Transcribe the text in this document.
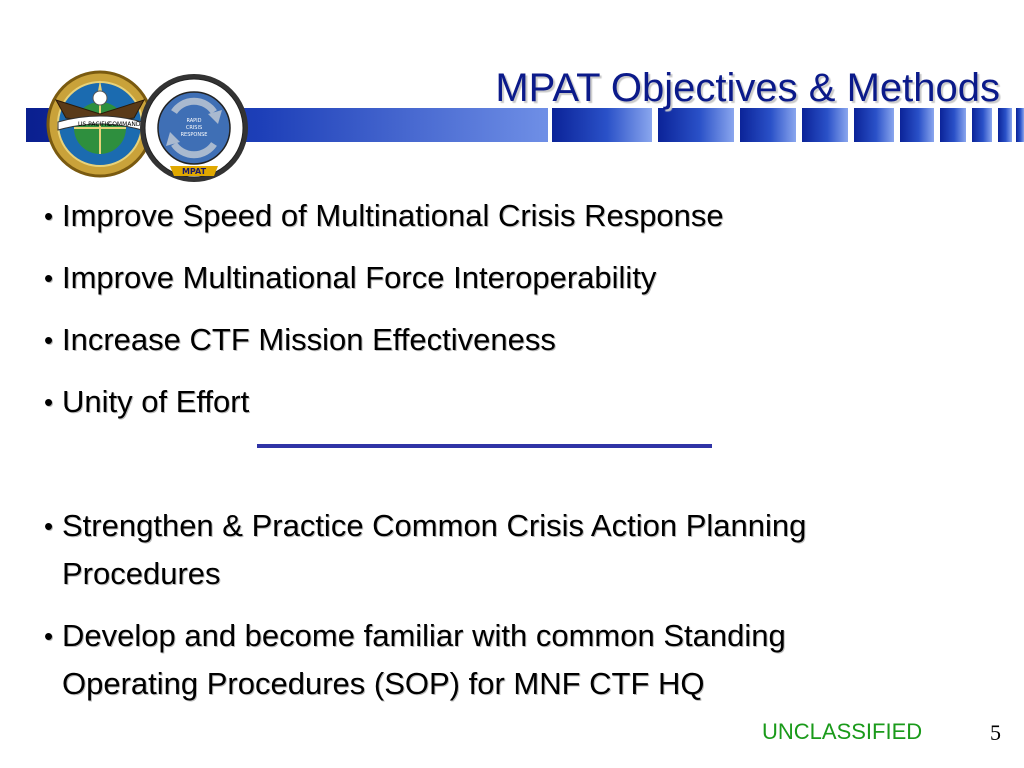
US PACIFIC
COMMAND	RAPID
CRISIS
RESPONSE
MPAT
MPAT Objectives & Methods
• Improve Speed of Multinational Crisis Response
• Improve Multinational Force Interoperability
• Increase CTF Mission Effectiveness
• Unity of Effort
• Strengthen & Practice Common Crisis Action Planning Procedures
• Develop and become familiar with common Standing Operating Procedures (SOP) for MNF CTF HQ
UNCLASSIFIED	5
